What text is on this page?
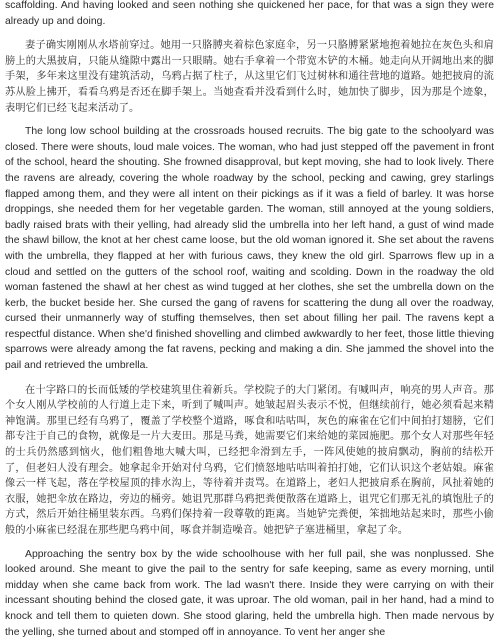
scaffolding. And having looked and seen nothing she quickened her pace, for that was a sign they were already up and doing.

妻子确实刚刚从水塔前穿过。她用一只胳膊夹着棕色家庭伞，另一只胳膊紧紧地抱着她拉在灰色头和肩膀上的大黑披肩，只能从缝隙中露出一只眼睛。她右手拿着一个带宽木铲的木桶。她走向从开阔地出来的脚手架，多年来这里没有建筑活动，乌鸦占据了柱子，从这里它们飞过树林和通往营地的道路。她把披肩的流苏从脸上拂开，看看乌鸦是否还在脚手架上。当她查看并没看到什么时，她加快了脚步，因为那是个迹象，表明它们已经飞起来活动了。

The long low school building at the crossroads housed recruits. The big gate to the schoolyard was closed. There were shouts, loud male voices. The woman, who had just stepped off the pavement in front of the school, heard the shouting. She frowned disapproval, but kept moving, she had to look lively. There the ravens are already, covering the whole roadway by the school, pecking and cawing, grey starlings flapped among them, and they were all intent on their pickings as if it was a field of barley. It was horse droppings, she needed them for her vegetable garden. The woman, still annoyed at the young soldiers, badly raised brats with their yelling, had already slid the umbrella into her left hand, a gust of wind made the shawl billow, the knot at her chest came loose, but the old woman ignored it. She set about the ravens with the umbrella, they flapped at her with furious caws, they knew the old girl. Sparrows flew up in a cloud and settled on the gutters of the school roof, waiting and scolding. Down in the roadway the old woman fastened the shawl at her chest as wind tugged at her clothes, she set the umbrella down on the kerb, the bucket beside her. She cursed the gang of ravens for scattering the dung all over the roadway, cursed their unmannerly way of stuffing themselves, then set about filling her pail. The ravens kept a respectful distance. When she'd finished shovelling and climbed awkwardly to her feet, those little thieving sparrows were already among the fat ravens, pecking and making a din. She jammed the shovel into the pail and retrieved the umbrella.

在十字路口的长而低矮的学校建筑里住着新兵。学校院子的大门紧闭。有喊叫声，响亮的男人声音。那个女人刚从学校前的人行道上走下来，听到了喊叫声。她皱起眉头表示不悦，但继续前行，她必须看起来精神饱满。那里已经有乌鸦了，覆盖了学校整个道路，啄食和咕咕叫，灰色的麻雀在它们中间拍打翅膀，它们都专注于自己的食物，就像是一片大麦田。那是马粪，她需要它们来给她的菜园施肥。那个女人对那些年轻的士兵仍然感到恼火，他们粗鲁地大喊大叫，已经把伞滑到左手，一阵风使她的披肩飘动，胸前的结松开了，但老妇人没有理会。她拿起伞开始对付乌鸦，它们愤怒地咕咕叫着拍打她，它们认识这个老姑娘。麻雀像云一样飞起，落在学校屋顶的排水沟上，等待着并责骂。在道路上，老妇人把披肩系在胸前，风扯着她的衣服，她把伞放在路边，旁边的桶旁。她诅咒那群乌鸦把粪便散落在道路上，诅咒它们那无礼的填饱肚子的方式，然后开始往桶里装东西。乌鸦们保持着一段尊敬的距离。当她铲完粪便，笨拙地站起来时，那些小偷般的小麻雀已经混在那些肥乌鸦中间，啄食并制造噪音。她把铲子塞进桶里，拿起了伞。

Approaching the sentry box by the wide schoolhouse with her full pail, she was nonplussed. She looked around. She meant to give the pail to the sentry for safe keeping, same as every morning, until midday when she came back from work. The lad wasn't there. Inside they were carrying on with their incessant shouting behind the closed gate, it was uproar. The old woman, pail in her hand, had a mind to knock and tell them to quieten down. She stood glaring, held the umbrella high. Then made nervous by the yelling, she turned about and stomped off in annoyance. To vent her anger she
